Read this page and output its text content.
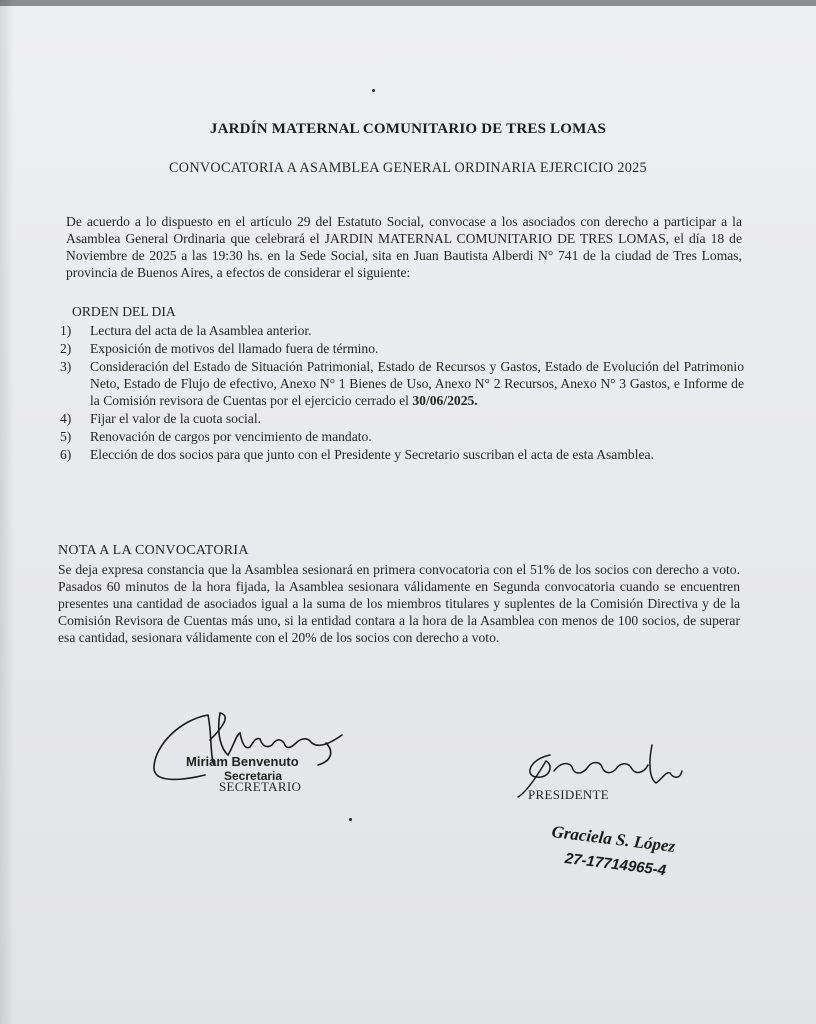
JARDÍN MATERNAL COMUNITARIO DE TRES LOMAS
CONVOCATORIA A ASAMBLEA GENERAL ORDINARIA EJERCICIO 2025
De acuerdo a lo dispuesto en el artículo 29 del Estatuto Social, convocase a los asociados con derecho a participar a la Asamblea General Ordinaria que celebrará el JARDIN MATERNAL COMUNITARIO DE TRES LOMAS, el día 18 de Noviembre de 2025 a las 19:30 hs. en la Sede Social, sita en Juan Bautista Alberdi N° 741 de la ciudad de Tres Lomas, provincia de Buenos Aires, a efectos de considerar el siguiente:
ORDEN DEL DIA
1) Lectura del acta de la Asamblea anterior.
2) Exposición de motivos del llamado fuera de término.
3) Consideración del Estado de Situación Patrimonial, Estado de Recursos y Gastos, Estado de Evolución del Patrimonio Neto, Estado de Flujo de efectivo, Anexo N° 1 Bienes de Uso, Anexo N° 2 Recursos, Anexo N° 3 Gastos, e Informe de la Comisión revisora de Cuentas por el ejercicio cerrado el 30/06/2025.
4) Fijar el valor de la cuota social.
5) Renovación de cargos por vencimiento de mandato.
6) Elección de dos socios para que junto con el Presidente y Secretario suscriban el acta de esta Asamblea.
NOTA A LA CONVOCATORIA
Se deja expresa constancia que la Asamblea sesionará en primera convocatoria con el 51% de los socios con derecho a voto. Pasados 60 minutos de la hora fijada, la Asamblea sesionara válidamente en Segunda convocatoria cuando se encuentren presentes una cantidad de asociados igual a la suma de los miembros titulares y suplentes de la Comisión Directiva y de la Comisión Revisora de Cuentas más uno, si la entidad contara a la hora de la Asamblea con menos de 100 socios, de superar esa cantidad, sesionara válidamente con el 20% de los socios con derecho a voto.
Miriam Benvenuto
Secretaria
SECRETARIO
PRESIDENTE
Graciela S. López
27-17714965-4
